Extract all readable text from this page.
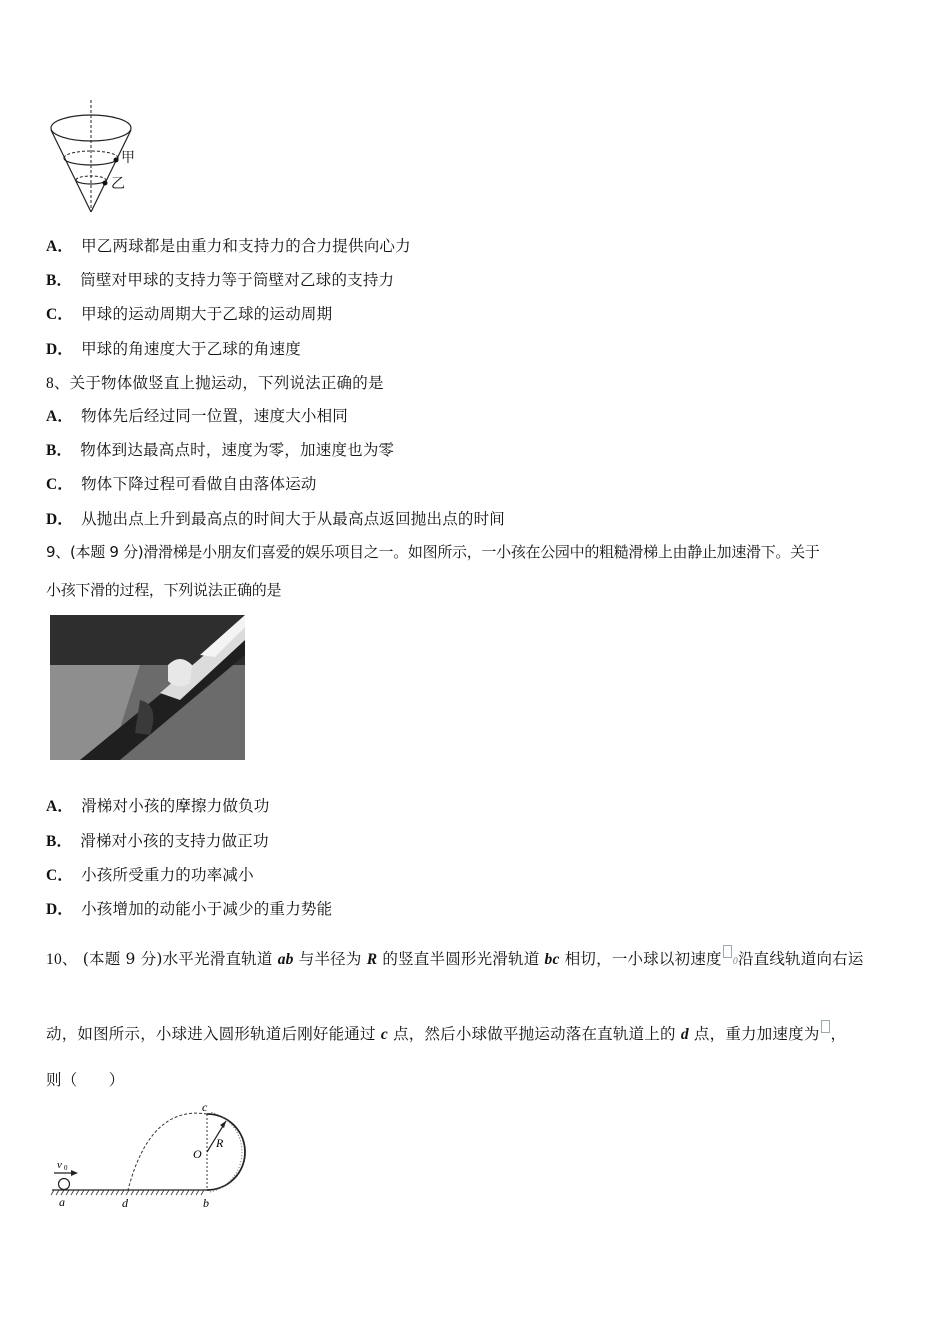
甲
乙
A． 甲乙两球都是由重力和支持力的合力提供向心力
B． 筒壁对甲球的支持力等于筒壁对乙球的支持力
C． 甲球的运动周期大于乙球的运动周期
D． 甲球的角速度大于乙球的角速度
8、关于物体做竖直上抛运动，下列说法正确的是
A． 物体先后经过同一位置，速度大小相同
B． 物体到达最高点时，速度为零，加速度也为零
C． 物体下降过程可看做自由落体运动
D． 从抛出点上升到最高点的时间大于从最高点返回抛出点的时间
9、(本题 9 分)滑滑梯是小朋友们喜爱的娱乐项目之一。如图所示，一小孩在公园中的粗糙滑梯上由静止加速滑下。关于
小孩下滑的过程，下列说法正确的是
A． 滑梯对小孩的摩擦力做负功
B． 滑梯对小孩的支持力做正功
C． 小孩所受重力的功率减小
D． 小孩增加的动能小于减少的重力势能
10、 (本题 9 分)水平光滑直轨道 ab 与半径为 R 的竖直半圆形光滑轨道 bc 相切，一小球以初速度 0沿直线轨道向右运
动，如图所示，小球进入圆形轨道后刚好能通过 c 点，然后小球做平抛运动落在直轨道上的 d 点，重力加速度为 ，
则（　　）
v 0
a	d	b
c
O
R
